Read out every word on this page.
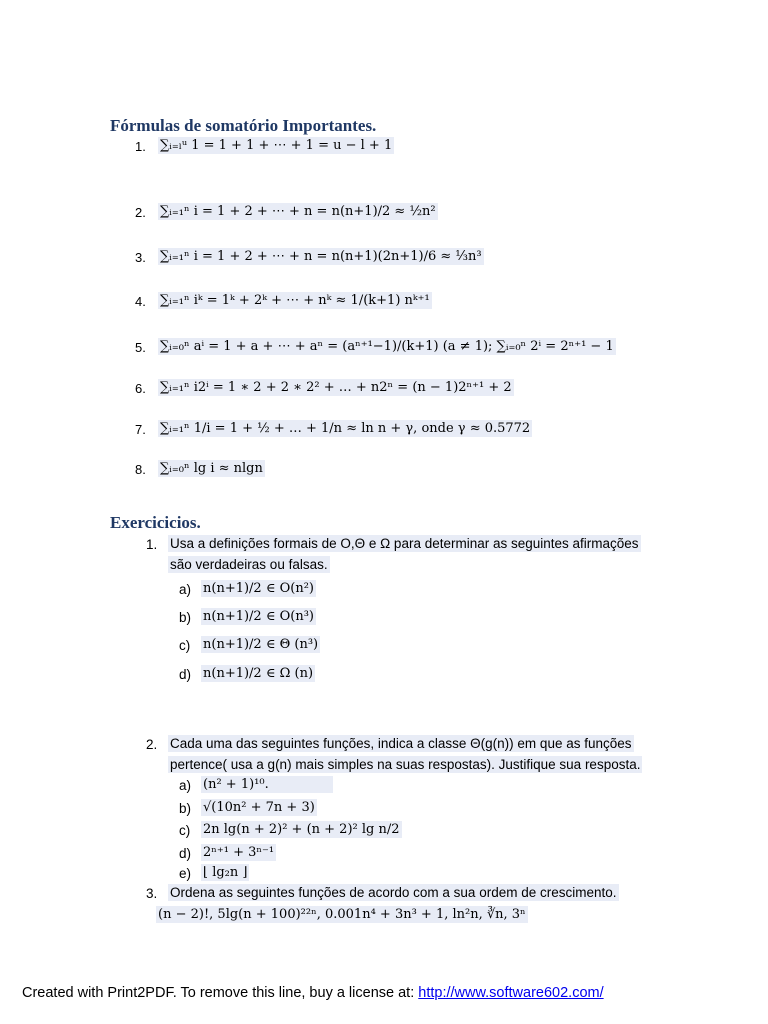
Fórmulas de somatório Importantes.
1. ∑ᵢ₌ₗᵘ 1 = 1 + 1 + ⋯ + 1 = u − l + 1
2. ∑ᵢ₌₁ⁿ i = 1 + 2 + ⋯ + n = n(n+1)/2 ≈ ½n²
3. ∑ᵢ₌₁ⁿ i = 1 + 2 + ⋯ + n = n(n+1)(2n+1)/6 ≈ ⅓n³
4. ∑ᵢ₌₁ⁿ iᵏ = 1ᵏ + 2ᵏ + ⋯ + nᵏ ≈ 1/(k+1) nᵏ⁺¹
5. ∑ᵢ₌₀ⁿ aⁱ = 1 + a + ⋯ + aⁿ = (aⁿ⁺¹−1)/(k+1) (a ≠ 1); ∑ᵢ₌₀ⁿ 2ⁱ = 2ⁿ⁺¹ − 1
6. ∑ᵢ₌₁ⁿ i2ⁱ = 1 ∗ 2 + 2 ∗ 2² + … + n2ⁿ = (n − 1)2ⁿ⁺¹ + 2
7. ∑ᵢ₌₁ⁿ 1/i = 1 + ½ + … + 1/n ≈ ln n + γ, onde γ ≈ 0.5772
8. ∑ᵢ₌₀ⁿ lg i ≈ nlgn
Exercicicios.
1. Usa a definições formais de O,Θ e Ω para determinar as seguintes afirmações
são verdadeiras ou falsas.
a) n(n+1)/2 ∈ O(n²)
b) n(n+1)/2 ∈ O(n³)
c) n(n+1)/2 ∈ Θ (n³)
d) n(n+1)/2 ∈ Ω (n)
2. Cada uma das seguintes funções, indica a classe Θ(g(n)) em que as funções
pertence( usa a g(n) mais simples na suas respostas). Justifique sua resposta.
a) (n² + 1)¹⁰.
b) √(10n² + 7n + 3)
c) 2n lg(n + 2)² + (n + 2)² lg n/2
d) 2ⁿ⁺¹ + 3ⁿ⁻¹
e) ⌊ lg₂n ⌋
3. Ordena as seguintes funções de acordo com a sua ordem de crescimento.
(n − 2)!, 5lg(n + 100)²²ⁿ, 0.001n⁴ + 3n³ + 1, ln²n, ∛n, 3ⁿ
Created with Print2PDF. To remove this line, buy a license at: http://www.software602.com/
